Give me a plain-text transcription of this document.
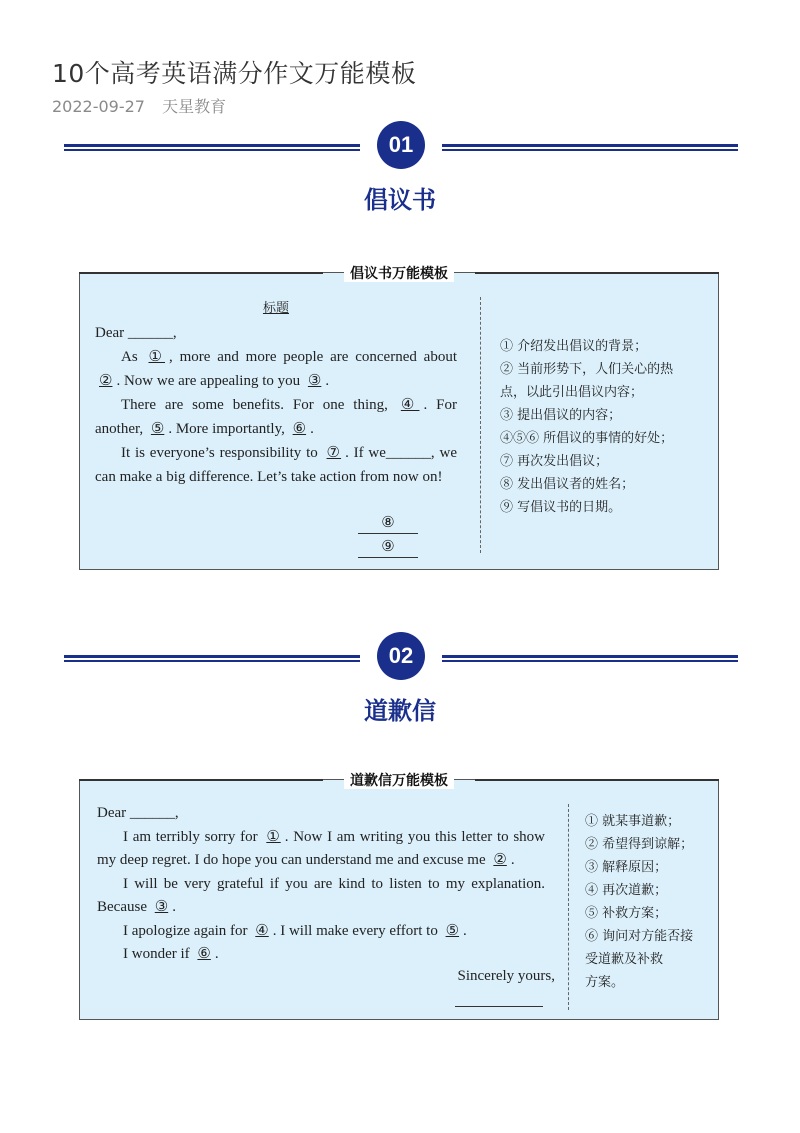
10个高考英语满分作文万能模板
2022-09-27 天星教育
01
倡议书
倡议书万能模板

标题

Dear ______,

As ① , more and more people are concerned about ② . Now we are appealing to you ③ .

There are some benefits. For one thing, ④ . For another, ⑤ . More importantly, ⑥ .

It is everyone’s responsibility to ⑦ . If we______, we can make a big difference. Let’s take action from now on!

⑧
⑨
① 介绍发出倡议的背景；
② 当前形势下，人们关心的热
点，以此引出倡议内容；
③ 提出倡议的内容；
④⑤⑥ 所倡议的事情的好处；
⑦ 再次发出倡议；
⑧ 发出倡议者的姓名；
⑨ 写倡议书的日期。
02
道歉信
道歉信万能模板

Dear ______,

I am terribly sorry for ① . Now I am writing you this letter to show my deep regret. I do hope you can understand me and excuse me ② .

I will be very grateful if you are kind to listen to my explanation. Because ③ .

I apologize again for ④ . I will make every effort to ⑤ .

I wonder if ⑥ .

Sincerely yours,
① 就某事道歉；
② 希望得到谅解；
③ 解释原因；
④ 再次道歉；
⑤ 补救方案；
⑥ 询问对方能否接
受道歉及补救
方案。
